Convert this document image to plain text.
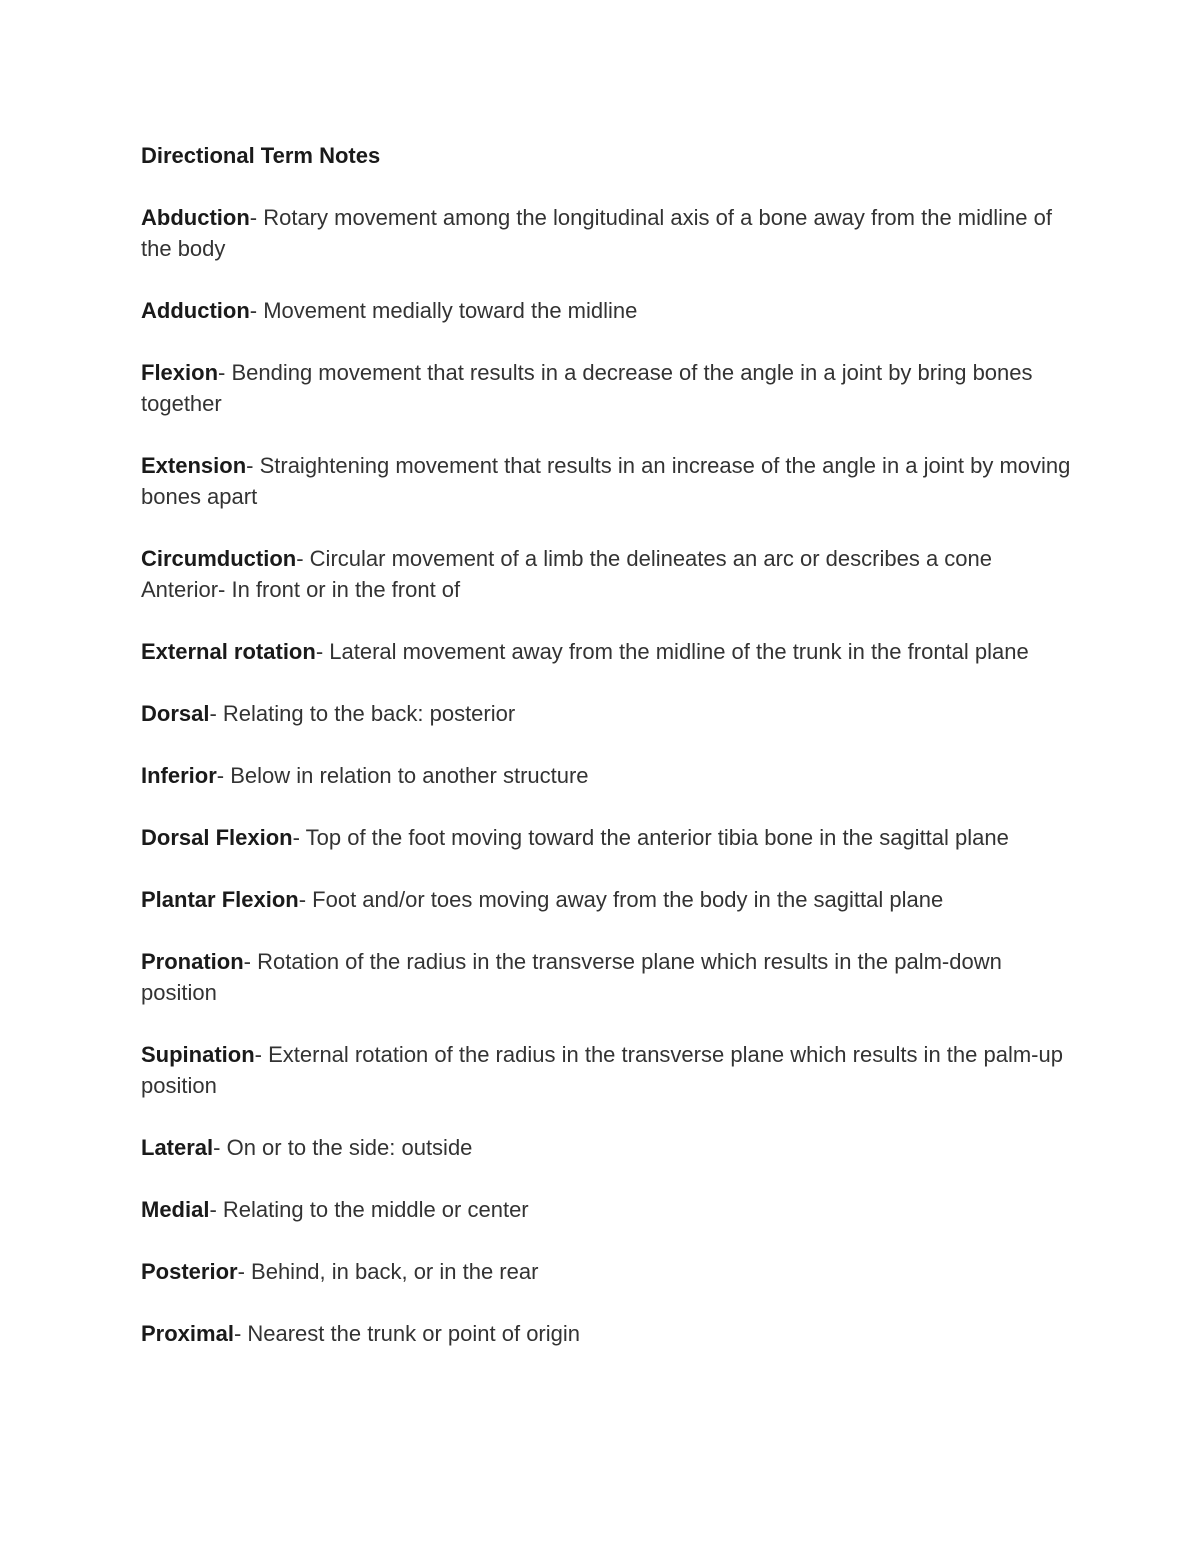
Directional Term Notes
Abduction- Rotary movement among the longitudinal axis of a bone away from the midline of the body
Adduction- Movement medially toward the midline
Flexion- Bending movement that results in a decrease of the angle in a joint by bring bones together
Extension- Straightening movement that results in an increase of the angle in a joint by moving bones apart
Circumduction- Circular movement of a limb the delineates an arc or describes a cone
Anterior- In front or in the front of
External rotation- Lateral movement away from the midline of the trunk in the frontal plane
Dorsal- Relating to the back: posterior
Inferior- Below in relation to another structure
Dorsal Flexion- Top of the foot moving toward the anterior tibia bone in the sagittal plane
Plantar Flexion- Foot and/or toes moving away from the body in the sagittal plane
Pronation- Rotation of the radius in the transverse plane which results in the palm-down position
Supination- External rotation of the radius in the transverse plane which results in the palm-up position
Lateral- On or to the side: outside
Medial- Relating to the middle or center
Posterior- Behind, in back, or in the rear
Proximal- Nearest the trunk or point of origin
